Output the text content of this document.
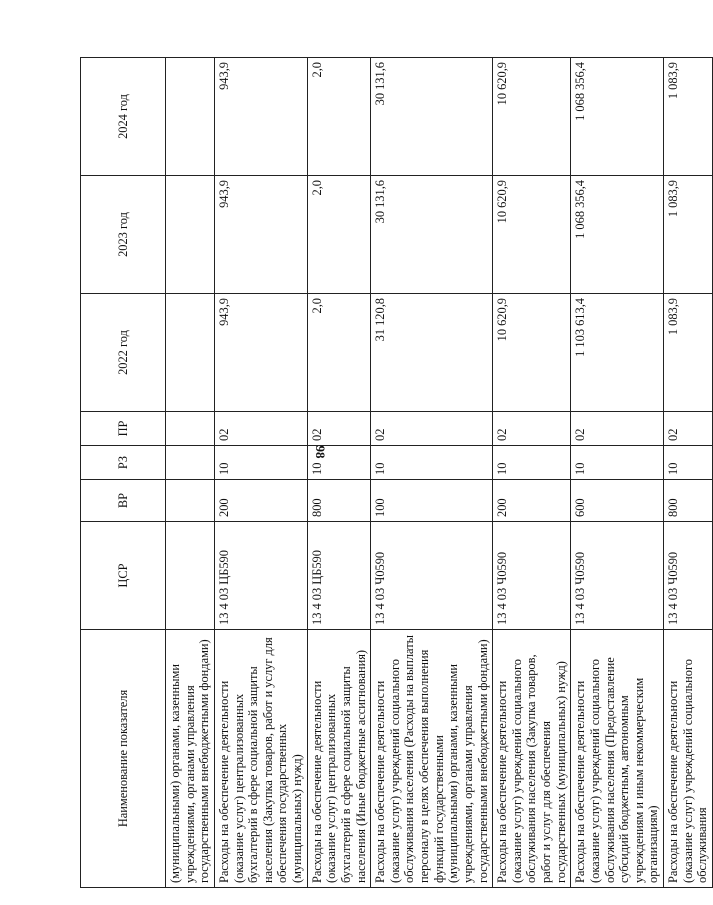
98
Наименование показателя	ЦСР	ВР	РЗ	ПР	2022 год	2023 год	2024 год
(муниципальными) органами, казенными учреждениями, органами управления государственными внебюджетными фондами)							
Расходы на обеспечение деятельности (оказание услуг) централизованных бухгалтерий в сфере социальной защиты населения (Закупка товаров, работ и услуг для обеспечения государственных (муниципальных) нужд)	13 4 03 ЦБ590	200	10	02	943,9	943,9	943,9
Расходы на обеспечение деятельности (оказание услуг) централизованных бухгалтерий в сфере социальной защиты населения (Иные бюджетные ассигнования)	13 4 03 ЦБ590	800	10	02	2,0	2,0	2,0
Расходы на обеспечение деятельности (оказание услуг) учреждений социального обслуживания населения (Расходы на выплаты персоналу в целях обеспечения выполнения функций государственными (муниципальными) органами, казенными учреждениями, органами управления государственными внебюджетными фондами)	13 4 03 Ч0590	100	10	02	31 120,8	30 131,6	30 131,6
Расходы на обеспечение деятельности (оказание услуг) учреждений социального обслуживания населения (Закупка товаров, работ и услуг для обеспечения государственных (муниципальных) нужд)	13 4 03 Ч0590	200	10	02	10 620,9	10 620,9	10 620,9
Расходы на обеспечение деятельности (оказание услуг) учреждений социального обслуживания населения (Предоставление субсидий бюджетным, автономным учреждениям и иным некоммерческим организациям)	13 4 03 Ч0590	600	10	02	1 103 613,4	1 068 356,4	1 068 356,4
Расходы на обеспечение деятельности (оказание услуг) учреждений социального обслуживания	13 4 03 Ч0590	800	10	02	1 083,9	1 083,9	1 083,9
